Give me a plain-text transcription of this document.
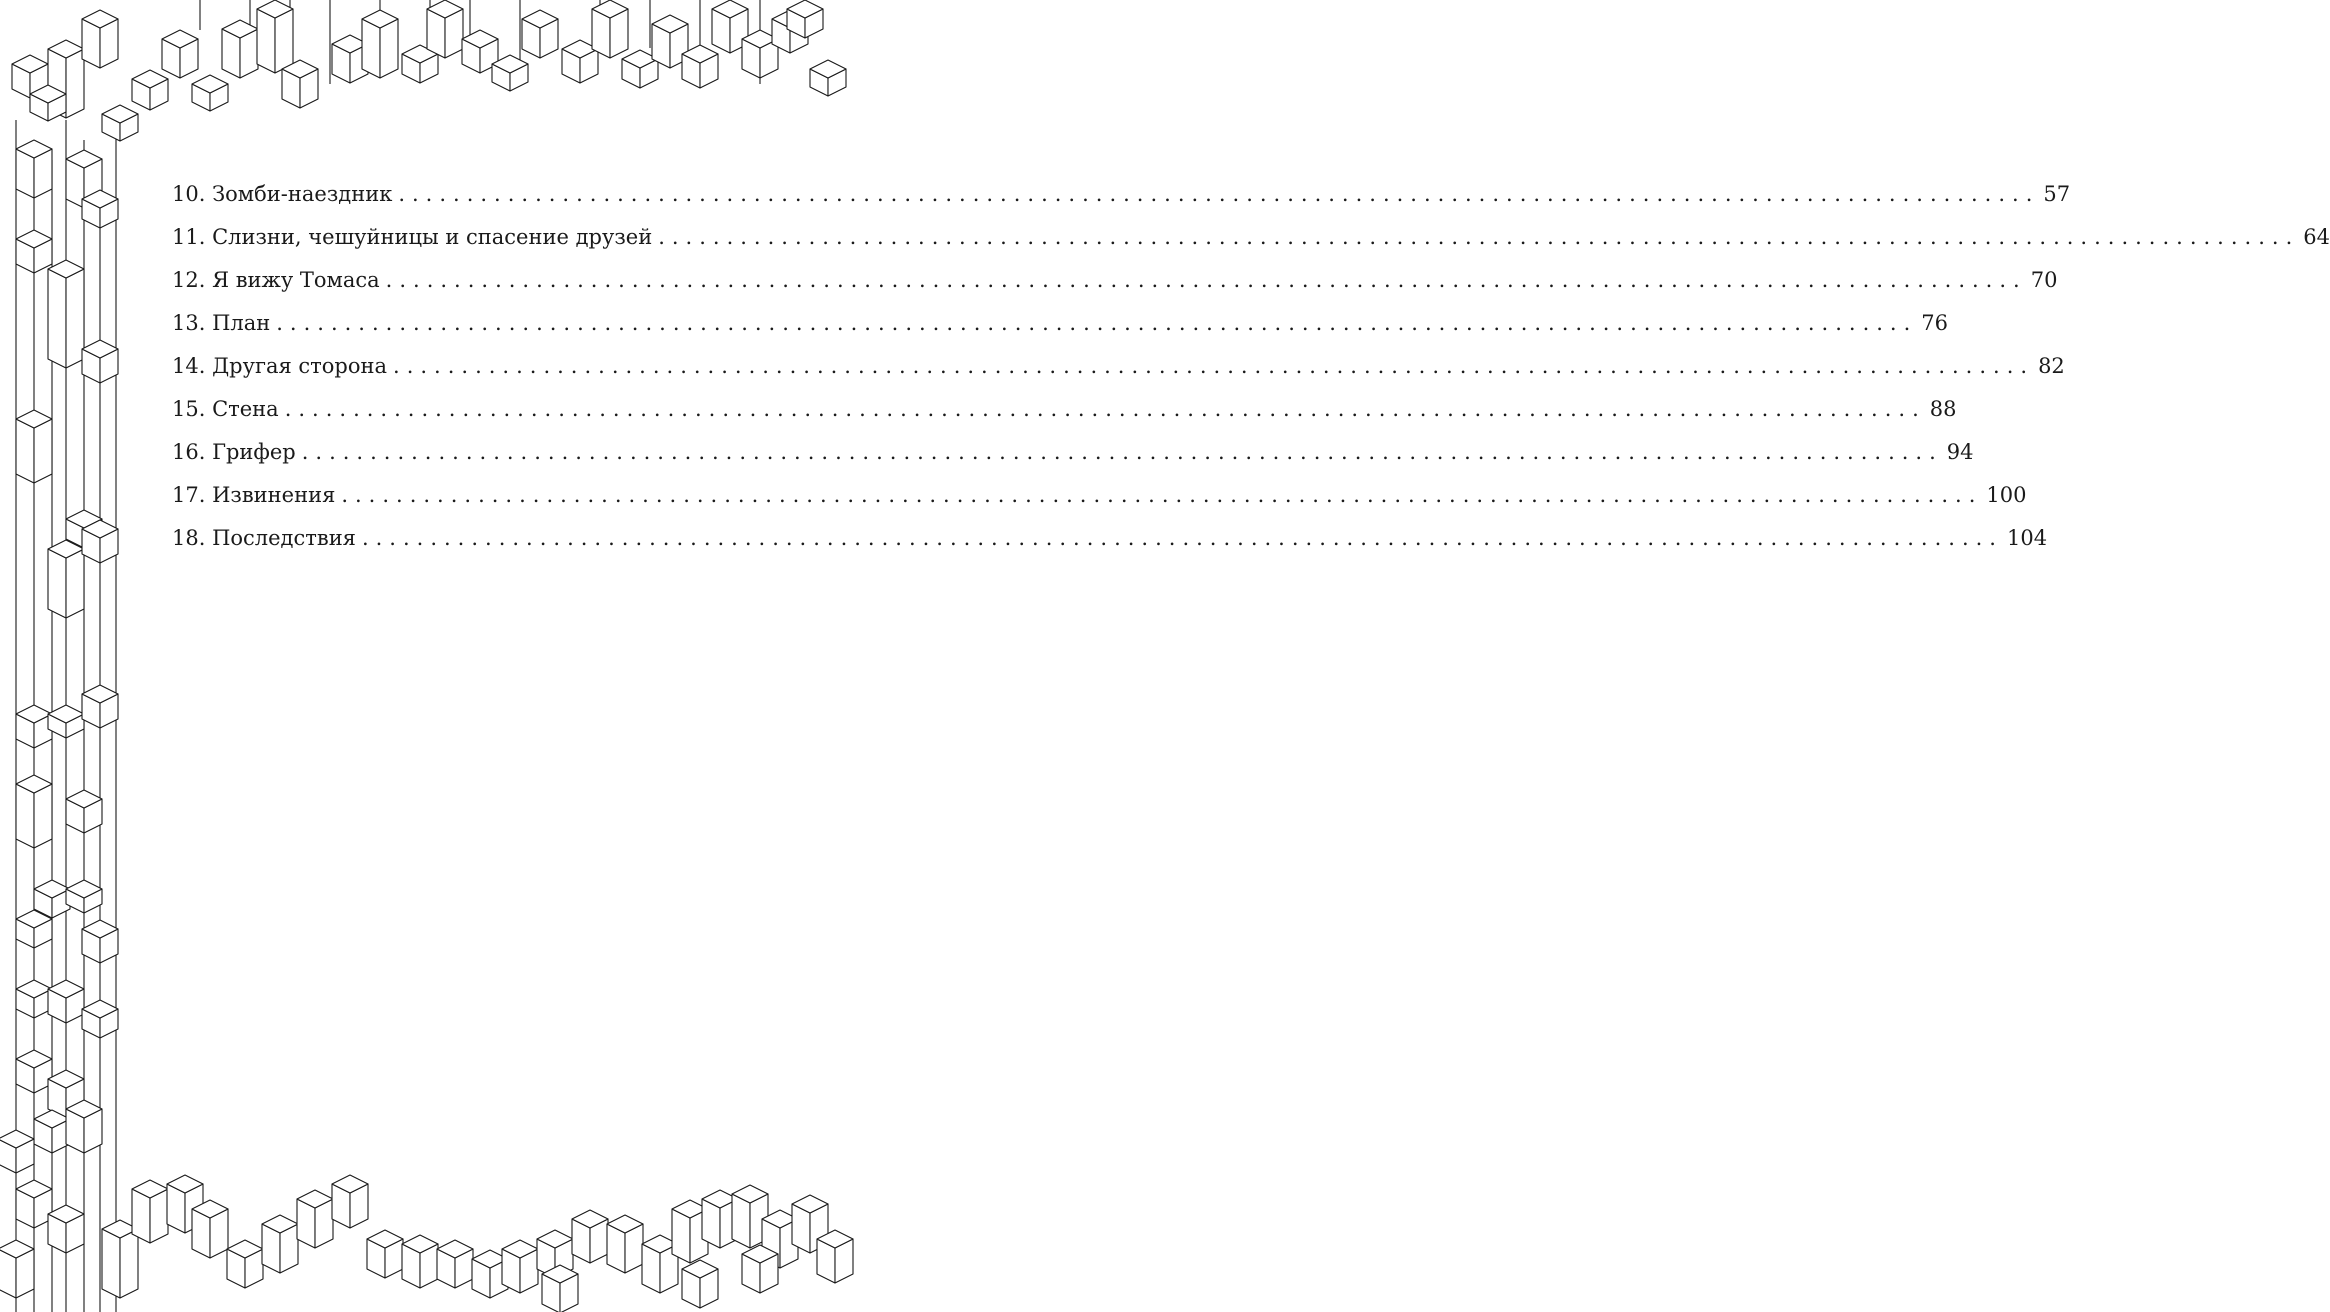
10. Зомби-наездник ........................................................................................................................ 57
11. Слизни, чешуйницы и спасение друзей ........................................................................................................................ 64
12. Я вижу Томаса ........................................................................................................................ 70
13. План ........................................................................................................................ 76
14. Другая сторона ........................................................................................................................ 82
15. Стена ........................................................................................................................ 88
16. Грифер ........................................................................................................................ 94
17. Извинения ........................................................................................................................ 100
18. Последствия ........................................................................................................................ 104
